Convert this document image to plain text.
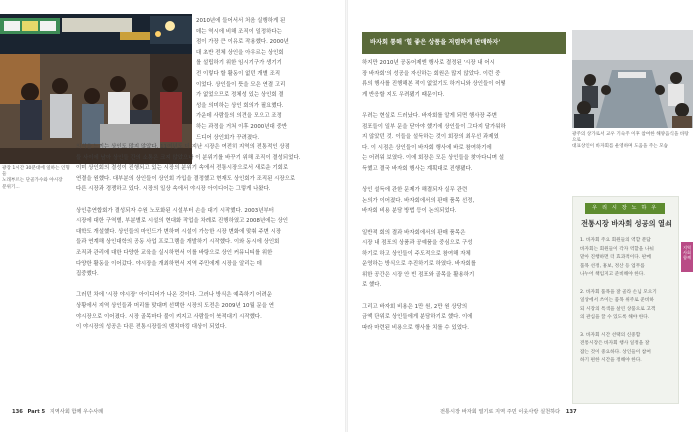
광장 1시간 30분대에 일하는 인형들
노래부르는 단골가수와 야시장
분위기...
2010년에 들어서서 처음 실행하게 된
데는 역시에 비해 조직이 일정하다는
점이 가장 큰 이유로 작용했다. 2000년
대 초반 전체 상인을 아우르는 상인회
를 설립하기 위한 임시기구가 생기기
전 이렇다 할 활동이 없던 개별 조직
이었다. 상인들이 뜻을 모은 연결 고리
가 없었으므로 정체성 있는 상인회 결
성을 의미하는 상인 회의가 필요했다.
가운데 사람들의 의견을 모으고 조정
하는 과정을 거쳐 이후 2000년대 중반
드디어 상인회가 꾸려졌다.
의식을 느끼는 상인도 많지 않았다. 11여년도 더 지난 시장은 여전히 지역의 전통적인 상점
들 사이에 남아 상인들 간의 소통은 크지 않았으나 이 분위기를 바꾸기 위해 조직이 결성되었다.
이미 상인회의 결성이 진행되고 있는 시장의 분위기 속에서 전통시장으로서 새로운 기회로
연결을 원했다. 대부분의 상인들이 상인회 가입을 결정했고 현재도 상인회가 조직된 시장으로
다른 시장과 경쟁하고 있다. 시장의 일상 속에서 야시장 아이디어는 그렇게 나왔다.

상인총연합회가 결성되자 수원 노포화된 시설부터 손을 대기 시작했다. 2003년부터
시장에 대한 구역별, 부분별로 시설의 현대화 작업을 차례로 진행하였고 2008년에는 상인
대학도 개설했다. 상인들의 마인드가 변하며 시설이 가능한 시장 변화에 맞춰 주변 시장
들과 연계해 상인대학의 공동 사업 프로그램을 개발하기 시작했다. 이와 동시에 상인회
조직과 관리에 대한 다양한 교육을 실시하면서 이를 바탕으로 상인 커뮤니티를 위한
다양한 활동을 이어갔다. 야시장을 개최하면서 지역 주민에게 시장을 알리는 데
집중했다.

그러던 차에 '시장 야시장' 아이디어가 나온 것이다. 그러나 방식은 예측하기 어려운
상황에서 지역 상인들과 머리를 맞대며 선택한 시장의 도전은 2009년 10월 문을 연
야시장으로 이어졌다. 시장 골목마다 불이 켜지고 사람들이 북적대기 시작했다.
이 야시장의 성공은 다른 전통시장들의 벤치마킹 대상이 되었다.
바자회 통해 '힐 좋은 상품을 저렴하게 판매하자'
하지만 2010년 공동어제엔 행사로 결정된 '시장 내 어시
장 바자회'의 성공을 자신하는 회원은 많지 않았다. 이런 중
류의 행사를 진행해본 적이 없었기도 하거니와 상인들이 어떻
게 반응할 지도 우려됐기 때문이다.

우려는 현실로 드러났다. 바자회를 알게 되면 행사장 주변
점포들이 일부 문을 닫아야 했기에 상인들이 그다지 달가워하
지 않았던 것. 이들을 설득하는 것이 회장의 최우선 과제였
다. 이 시점은 상인들이 바자회 행사에 바로 참여하기에
는 어려워 보였다. 이에 회장은 모든 상인들을 찾아다니며 설
득했고 결국 바자회 행사는 계획대로 진행됐다.

상인 설득에 관한 문제가 해결되자 실무 관련
논의가 이어졌다. 바자회에서의 판매 품목 선정,
바자회 비용 분담 방법 등이 논의되었다.

일반적 회의 결과 바자회에서의 판매 품목은
시장 내 점포의 상품과 공예품을 중심으로 구성
하기로 하고 상인들이 주도적으로 참여해 자체
운영하는 방식으로 추진하기로 하였다. 바자회를
위한 공간은 시장 안 빈 점포와 골목을 활용하기
로 했다.

그리고 바자회 비용은 1만 원, 2만 원 상당의
금액 단위로 상인들에게 분담하기로 했다. 이에
따라 마련된 비용으로 행사를 치를 수 있었다.
광주의 상가로서 교우 기숙주 이후 참여한 해양음식을 바탕으로
대표상인이 바자회를 운영하며 도움을 주는 모습
우 리 시 장 노 하 우
전통시장 바자회 성공의 열쇠
1. 바자회 주요 회원들의 역할 분담
바자회는 회원들이 각자 역할을 나눠
맡아 진행하면 더 효과적이다. 판매
품목 선정, 홍보, 정산 등 업무를
나누어 책임지고 준비해야 한다.

2. 바자회 품목을 잘 골라 손님 모으기
일상에서 쓰이는 품목 위주로 준비하
되 시장의 특색을 살린 상품으로 고객
의 관심을 끌 수 있도록 해야 한다.

3. 바자회 시간 선택의 신중함
전통시장은 바자회 행사 일정을 잘
잡는 것이 중요하다. 상인들이 참여
하기 편한 시간을 정해야 한다.
지역
사회
함께
136 Part 5 지역사회 함께 우수사례	전통시장 바자회 열기로 지역 주민 이웃사랑 실천하다 137
